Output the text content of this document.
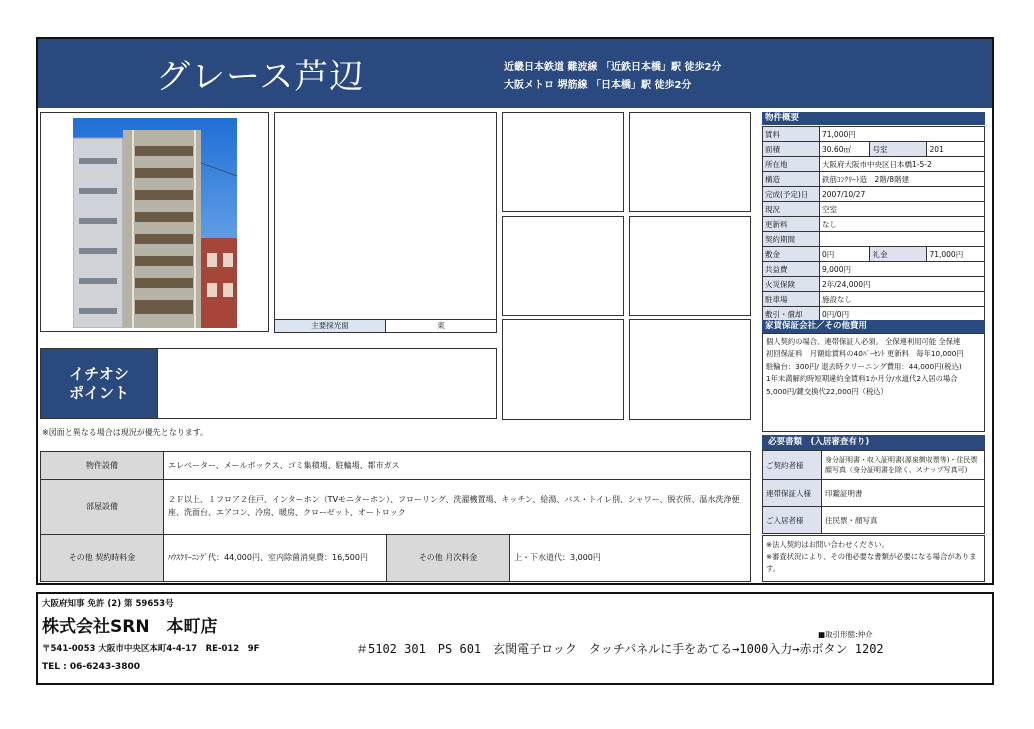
グレース芦辺	近畿日本鉄道 難波線 「近鉄日本橋」駅 徒歩2分
大阪メトロ 堺筋線 「日本橋」駅 徒歩2分
主要採光面	東
イチオシ
ポイント
※図面と異なる場合は現況が優先となります。
物件設備	エレベーター、メールボックス、ゴミ集積場、駐輪場、都市ガス		
部屋設備	２Ｆ以上、１フロア２住戸、インターホン（TVモニターホン）、フローリング、洗濯機置場、キッチン、給湯、バス・トイレ別、シャワー、脱衣所、温水洗浄便座、洗面台、エアコン、冷房、暖房、クローゼット、オートロック		
その他 契約時料金	ﾊｳｽｸﾘｰﾆﾝｸﾞ代：44,000円、室内除菌消臭費：16,500円	その他 月次料金	上・下水道代：3,000円
物件概要
賃料	71,000円		
面積	30.60㎡	号室	201
所在地	大阪府大阪市中央区日本橋1-5-2		
構造	鉄筋ｺﾝｸﾘｰﾄ造　2階/8階建		
完成(予定)日	2007/10/27		
現況	空室		
更新料	なし		
契約期間			
敷金	0円	礼金	71,000円
共益費	9,000円		
火災保険	2年/24,000円		
駐車場	施設なし		
敷引・償却	0円/0円		
家賃保証会社／その他費用
個人契約の場合、連帯保証人必須。 全保連利用可能 全保連
初回保証料　月額総賃料の40ﾊﾟｰｾﾝﾄ 更新料　毎年10,000円
駐輪台：300円/ 退去時クリーニング費用：44,000円(税込)
1年未満解約時短期違約金賃料1か月分/水道代2入居の場合
5,000円/鍵交換代22,000円（税込）
必要書類　(入居審査有り)
ご契約者様	身分証明書・収入証明書(源泉徴収票等)・住民票
顔写真（身分証明書を除く、スナップ写真可)
連帯保証人様	印鑑証明書
ご入居者様	住民票・顔写真
※法人契約はお問い合わせください。
※審査状況により、その他必要な書類が必要になる場合があります。
大阪府知事 免許 (2) 第 59653号
株式会社SRN　本町店
〒541-0053 大阪市中央区本町4-4-17　RE-012　9F
TEL : 06-6243-3800
■取引形態:仲介
＃5102 301　PS 601　玄関電子ロック　タッチパネルに手をあてる→1000入力→赤ボタン 1202
